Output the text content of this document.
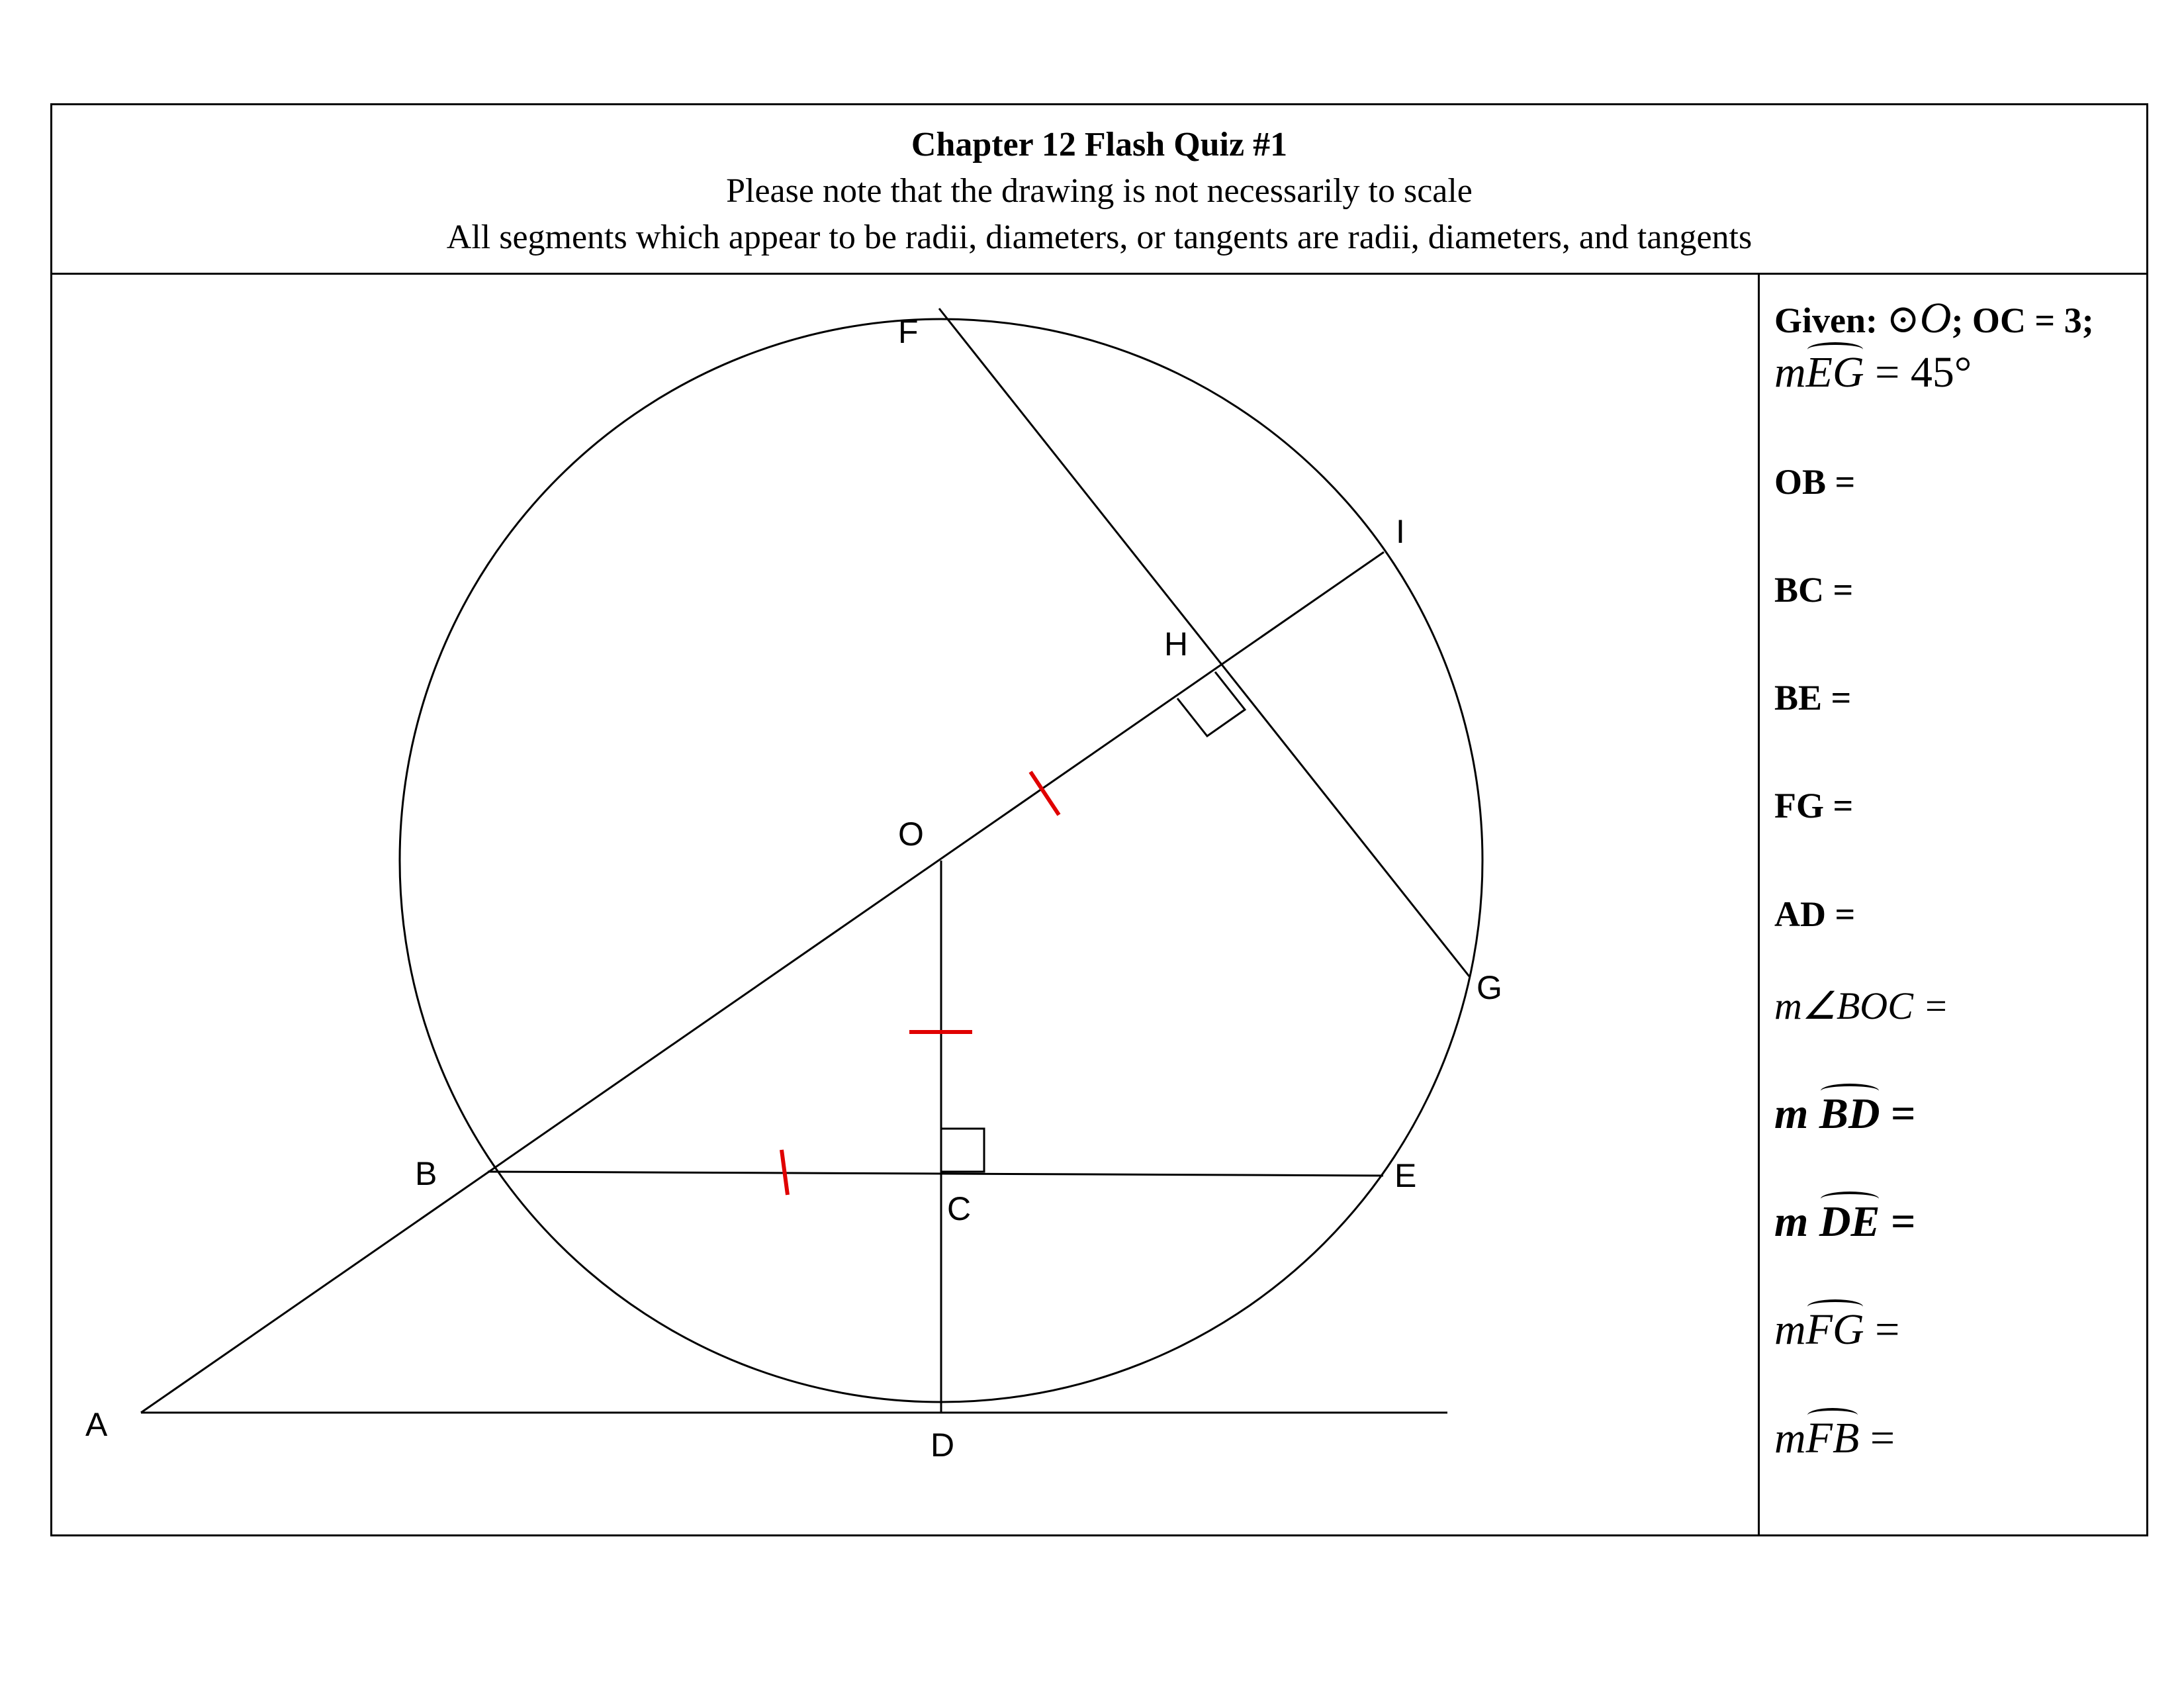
Chapter 12 Flash Quiz #1
Please note that the drawing is not necessarily to scale
All segments which appear to be radii, diameters, or tangents are radii, diameters, and tangents
F
I
H
O
G
B	E
C
A
D
Given: ⊙O; OC = 3;
mEG = 45°
OB =
BC =
BE =
FG =
AD =
m∠BOC =
m BD =
m DE =
mFG =
mFB =
